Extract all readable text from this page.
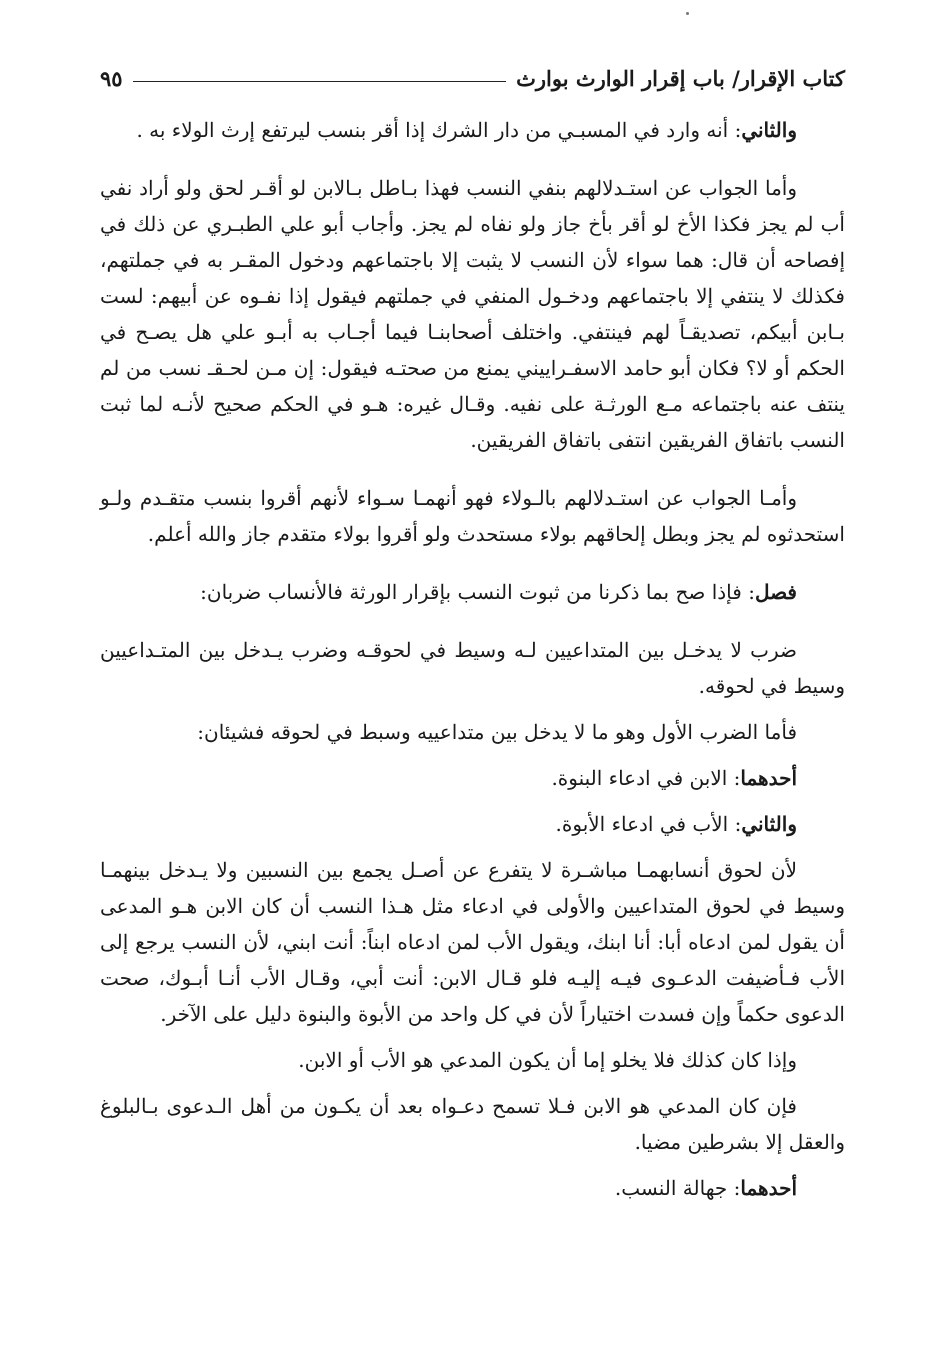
كتاب الإقرار/ باب إقرار الوارث بوارث
٩٥

والثاني: أنه وارد في المسبـي من دار الشرك إذا أقر بنسب ليرتفع إرث الولاء به .

وأما الجواب عن استـدلالهم بنفي النسب فهذا بـاطل بـالابن لو أقـر لحق ولو أراد نفي أب لم يجز فكذا الأخ لو أقر بأخ جاز ولو نفاه لم يجز. وأجاب أبو علي الطبـري عن ذلك في إفصاحه أن قال: هما سواء لأن النسب لا يثبت إلا باجتماعهم ودخول المقـر به في جملتهم، فكذلك لا ينتفي إلا باجتماعهم ودخـول المنفي في جملتهم فيقول إذا نفـوه عن أبيهم: لست بـابن أبيكم، تصديقـاً لهم فينتفي. واختلف أصحابنـا فيما أجـاب به أبـو علي هل يصـح في الحكم أو لا؟ فكان أبو حامد الاسفـراييني يمنع من صحتـه فيقول: إن مـن لحـقـ نسب من لم ينتف عنه باجتماعه مـع الورثـة على نفيه. وقـال غيره: هـو في الحكم صحيح لأنـه لما ثبت النسب باتفاق الفريقين انتفى باتفاق الفريقين.

وأمـا الجواب عن استـدلالهم بالـولاء فهو أنهمـا سـواء لأنهم أقروا بنسب متقـدم ولـو استحدثوه لم يجز وبطل إلحاقهم بولاء مستحدث ولو أقروا بولاء متقدم جاز والله أعلم.

فصل: فإذا صح بما ذكرنا من ثبوت النسب بإقرار الورثة فالأنساب ضربان:

ضرب لا يدخـل بين المتداعيين لـه وسيط في لحوقـه وضرب يـدخل بين المتـداعيين وسيط في لحوقه.

فأما الضرب الأول وهو ما لا يدخل بين متداعييه وسبط في لحوقه فشيئان:

أحدهما: الابن في ادعاء البنوة.

والثاني: الأب في ادعاء الأبوة.

لأن لحوق أنسابهمـا مباشـرة لا يتفرع عن أصـل يجمع بين النسبين ولا يـدخل بينهمـا وسيط في لحوق المتداعيين والأولى في ادعاء مثل هـذا النسب أن كان الابن هـو المدعى أن يقول لمن ادعاه أبا: أنا ابنك، ويقول الأب لمن ادعاه ابناً: أنت ابني، لأن النسب يرجع إلى الأب فـأضيفت الدعـوى فيـه إليـه فلو قـال الابن: أنت أبي، وقـال الأب أنـا أبـوك، صحت الدعوى حكماً وإن فسدت اختياراً لأن في كل واحد من الأبوة والبنوة دليل على الآخر.

وإذا كان كذلك فلا يخلو إما أن يكون المدعي هو الأب أو الابن.

فإن كان المدعي هو الابن فـلا تسمح دعـواه بعد أن يكـون من أهل الـدعوى بـالبلوغ والعقل إلا بشرطين مضيا.

أحدهما: جهالة النسب.
